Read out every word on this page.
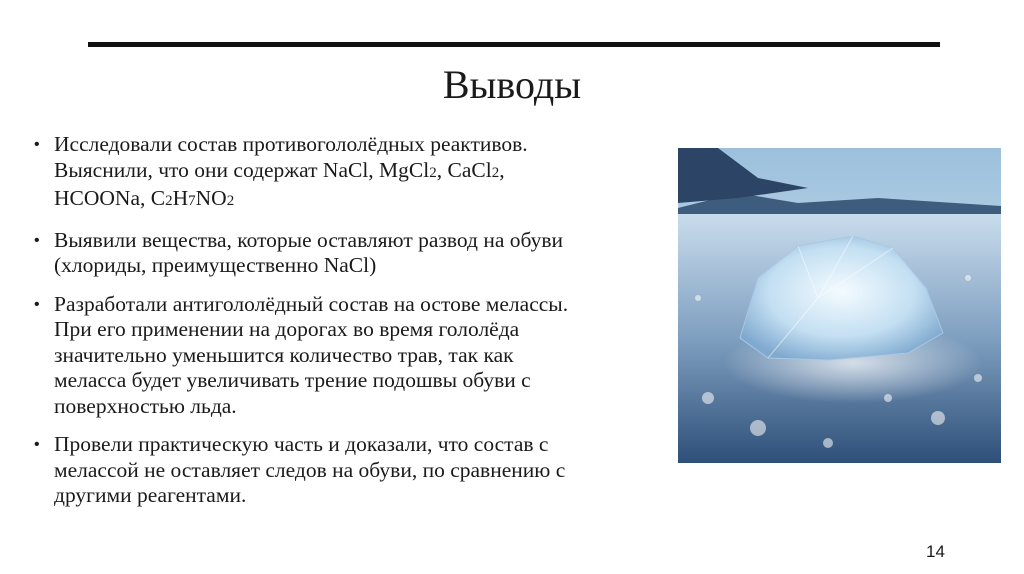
Выводы
• Исследовали состав противогололёдных реактивов.
Выяснили, что они содержат NaCl, MgCl2, CaCl2,
HCOONa, C2H7NO2
• Выявили вещества, которые оставляют развод на обуви
(хлориды, преимущественно NaCl)
• Разработали антигололёдный состав на остове мелассы.
При его применении на дорогах во время гололёда
значительно уменьшится количество трав, так как
меласса будет увеличивать трение подошвы обуви с
поверхностью льда.
• Провели практическую часть и доказали, что состав с
мелассой не оставляет следов на обуви, по сравнению с
другими реагентами.
14
